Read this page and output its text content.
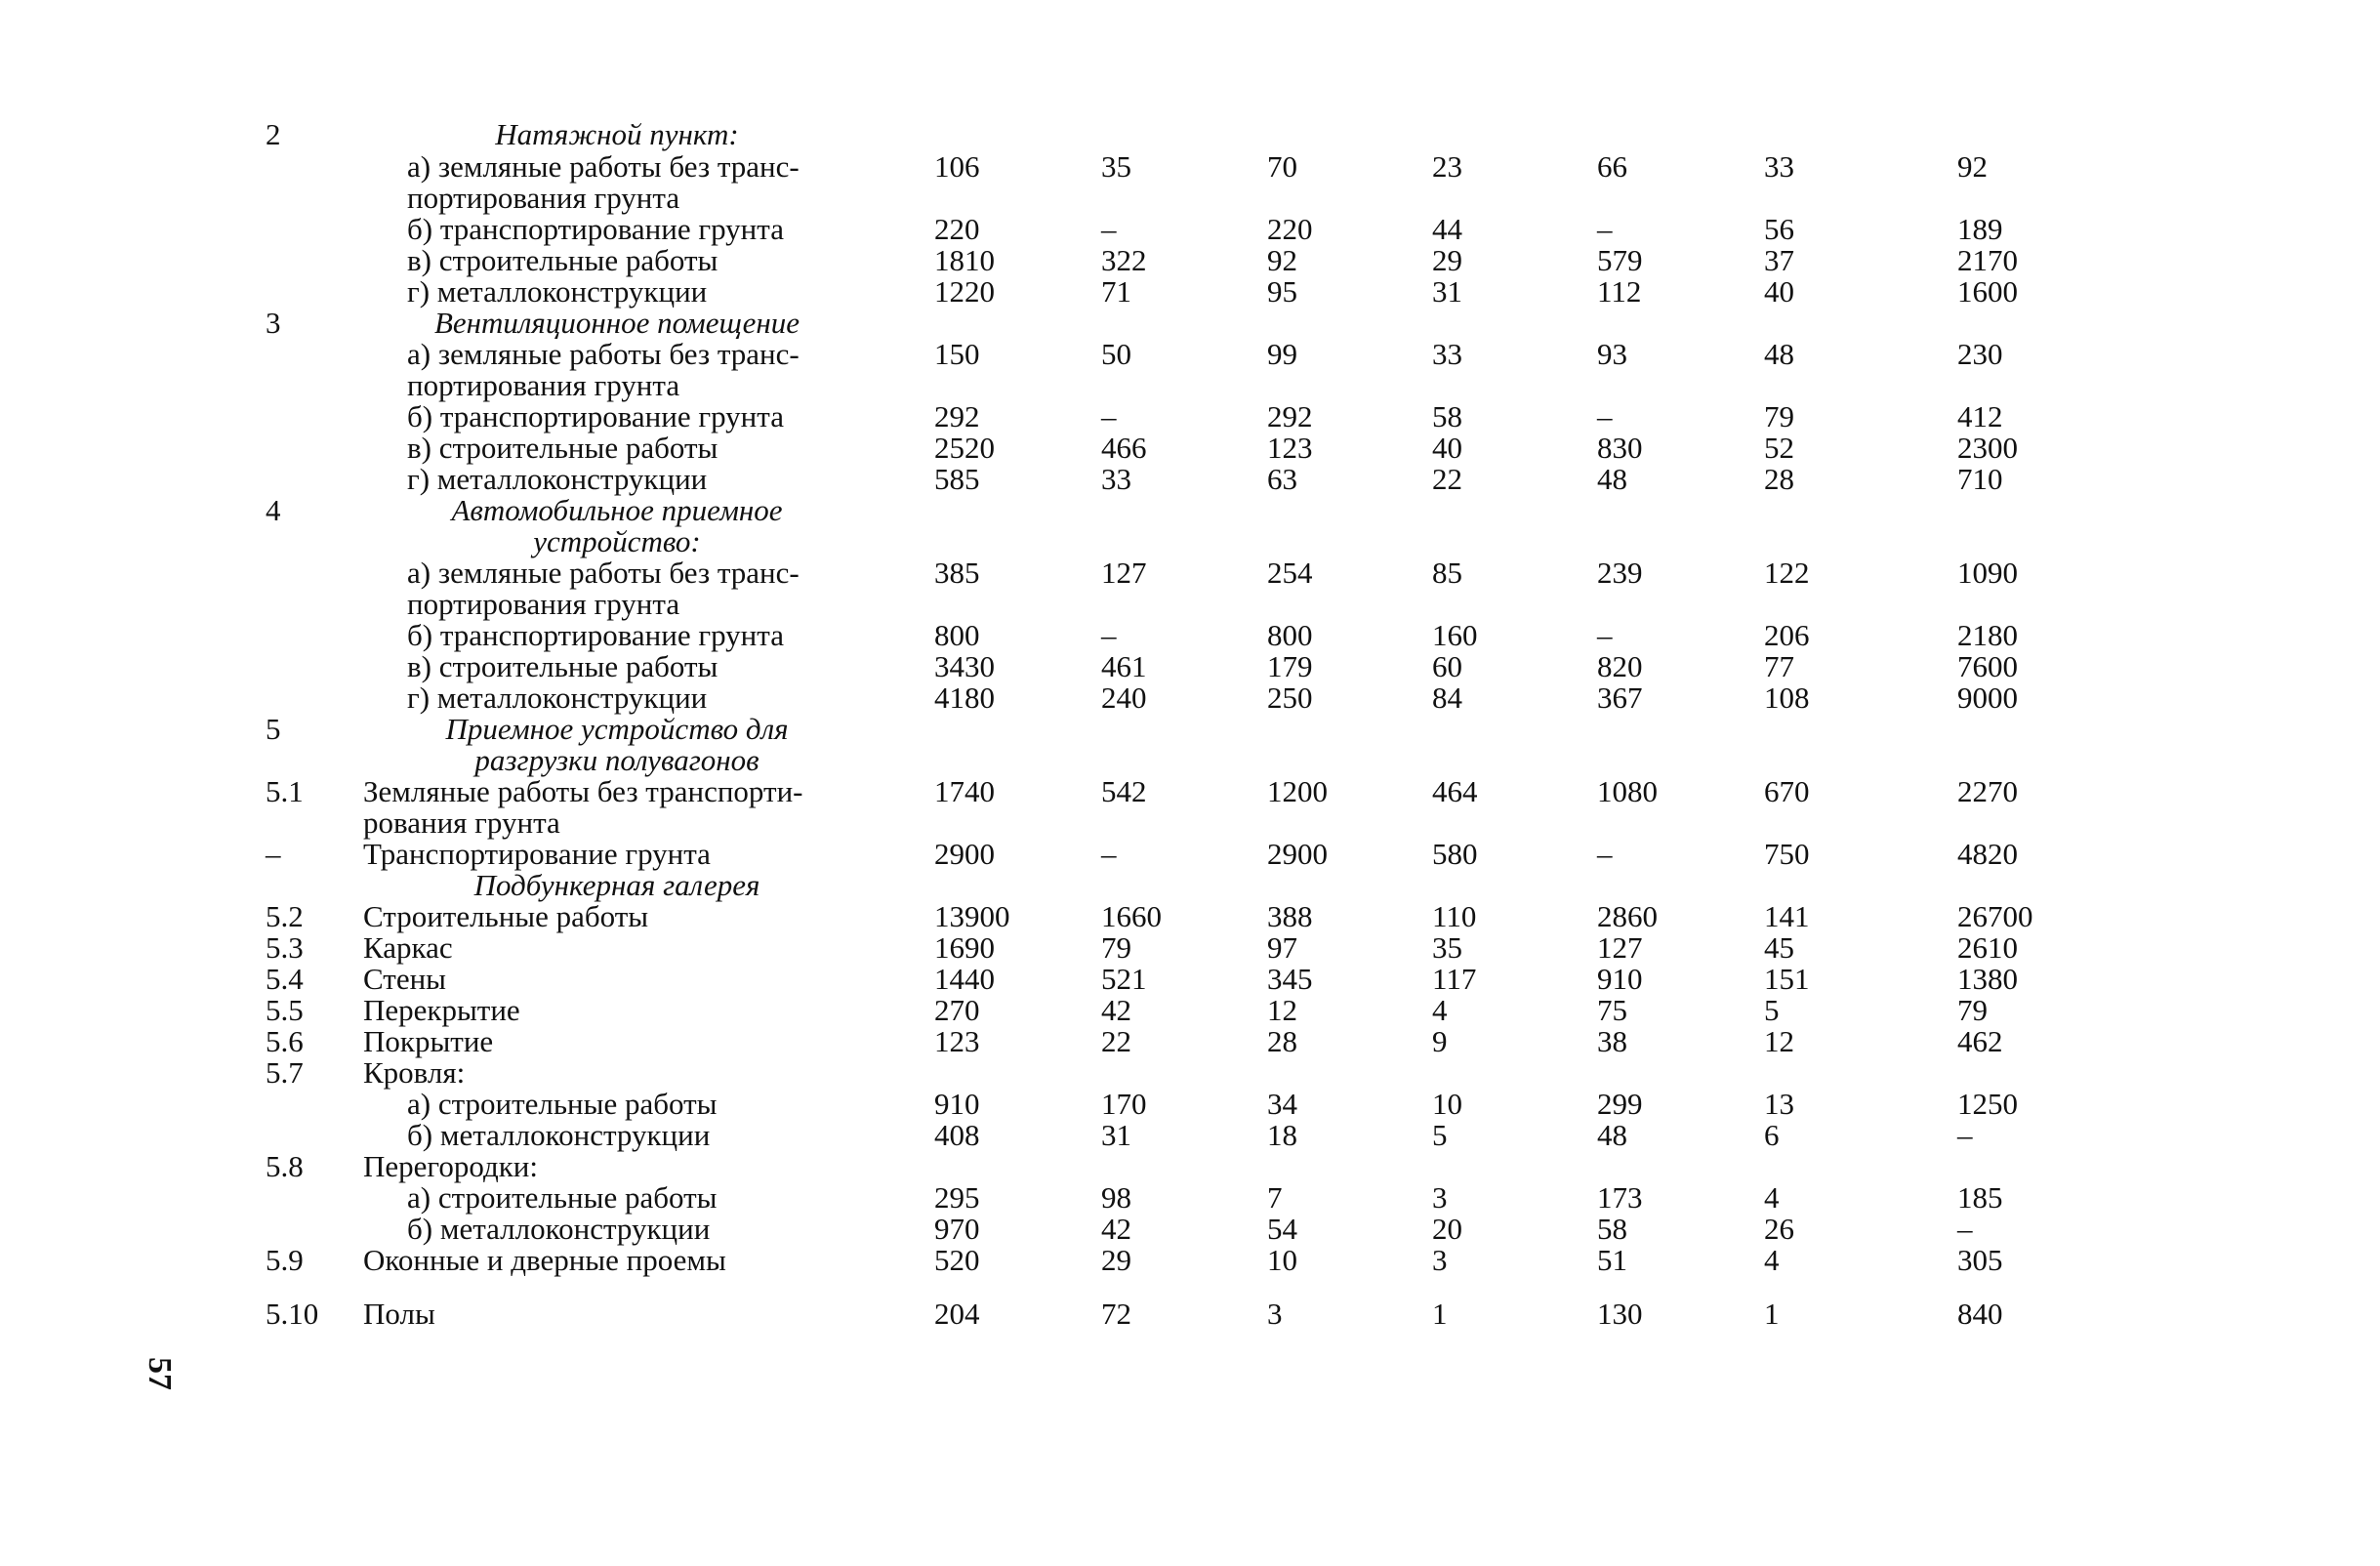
2	Натяжной пункт:
а) земляные работы без транс-	106	35	70	23	66	33	92
портирования грунта
б) транспортирование грунта	220	–	220	44	–	56	189
в) строительные работы	1810	322	92	29	579	37	2170
г) металлоконструкции	1220	71	95	31	112	40	1600
3	Вентиляционное помещение
а) земляные работы без транс-	150	50	99	33	93	48	230
портирования грунта
б) транспортирование грунта	292	–	292	58	–	79	412
в) строительные работы	2520	466	123	40	830	52	2300
г) металлоконструкции	585	33	63	22	48	28	710
4	Автомобильное приемное
устройство:
а) земляные работы без транс-	385	127	254	85	239	122	1090
портирования грунта
б) транспортирование грунта	800	–	800	160	–	206	2180
в) строительные работы	3430	461	179	60	820	77	7600
г) металлоконструкции	4180	240	250	84	367	108	9000
5	Приемное устройство для
разгрузки полувагонов
5.1 Земляные работы без транспорти-	1740	542	1200	464	1080	670	2270
рования грунта
–	Транспортирование грунта	2900	–	2900	580	–	750	4820
Подбункерная галерея
5.2 Строительные работы	13900	1660	388	110	2860	141	26700
5.3 Каркас	1690	79	97	35	127	45	2610
5.4 Стены	1440	521	345	117	910	151	1380
5.5 Перекрытие	270	42	12	4	75	5	79
5.6 Покрытие	123	22	28	9	38	12	462
5.7 Кровля:
а) строительные работы	910	170	34	10	299	13	1250
б) металлоконструкции	408	31	18	5	48	6	–
5.8 Перегородки:
а) строительные работы	295	98	7	3	173	4	185
б) металлоконструкции	970	42	54	20	58	26	–
5.9 Оконные и дверные проемы	520	29	10	3	51	4	305
5.10 Полы	204	72	3	1	130	1	840
57
